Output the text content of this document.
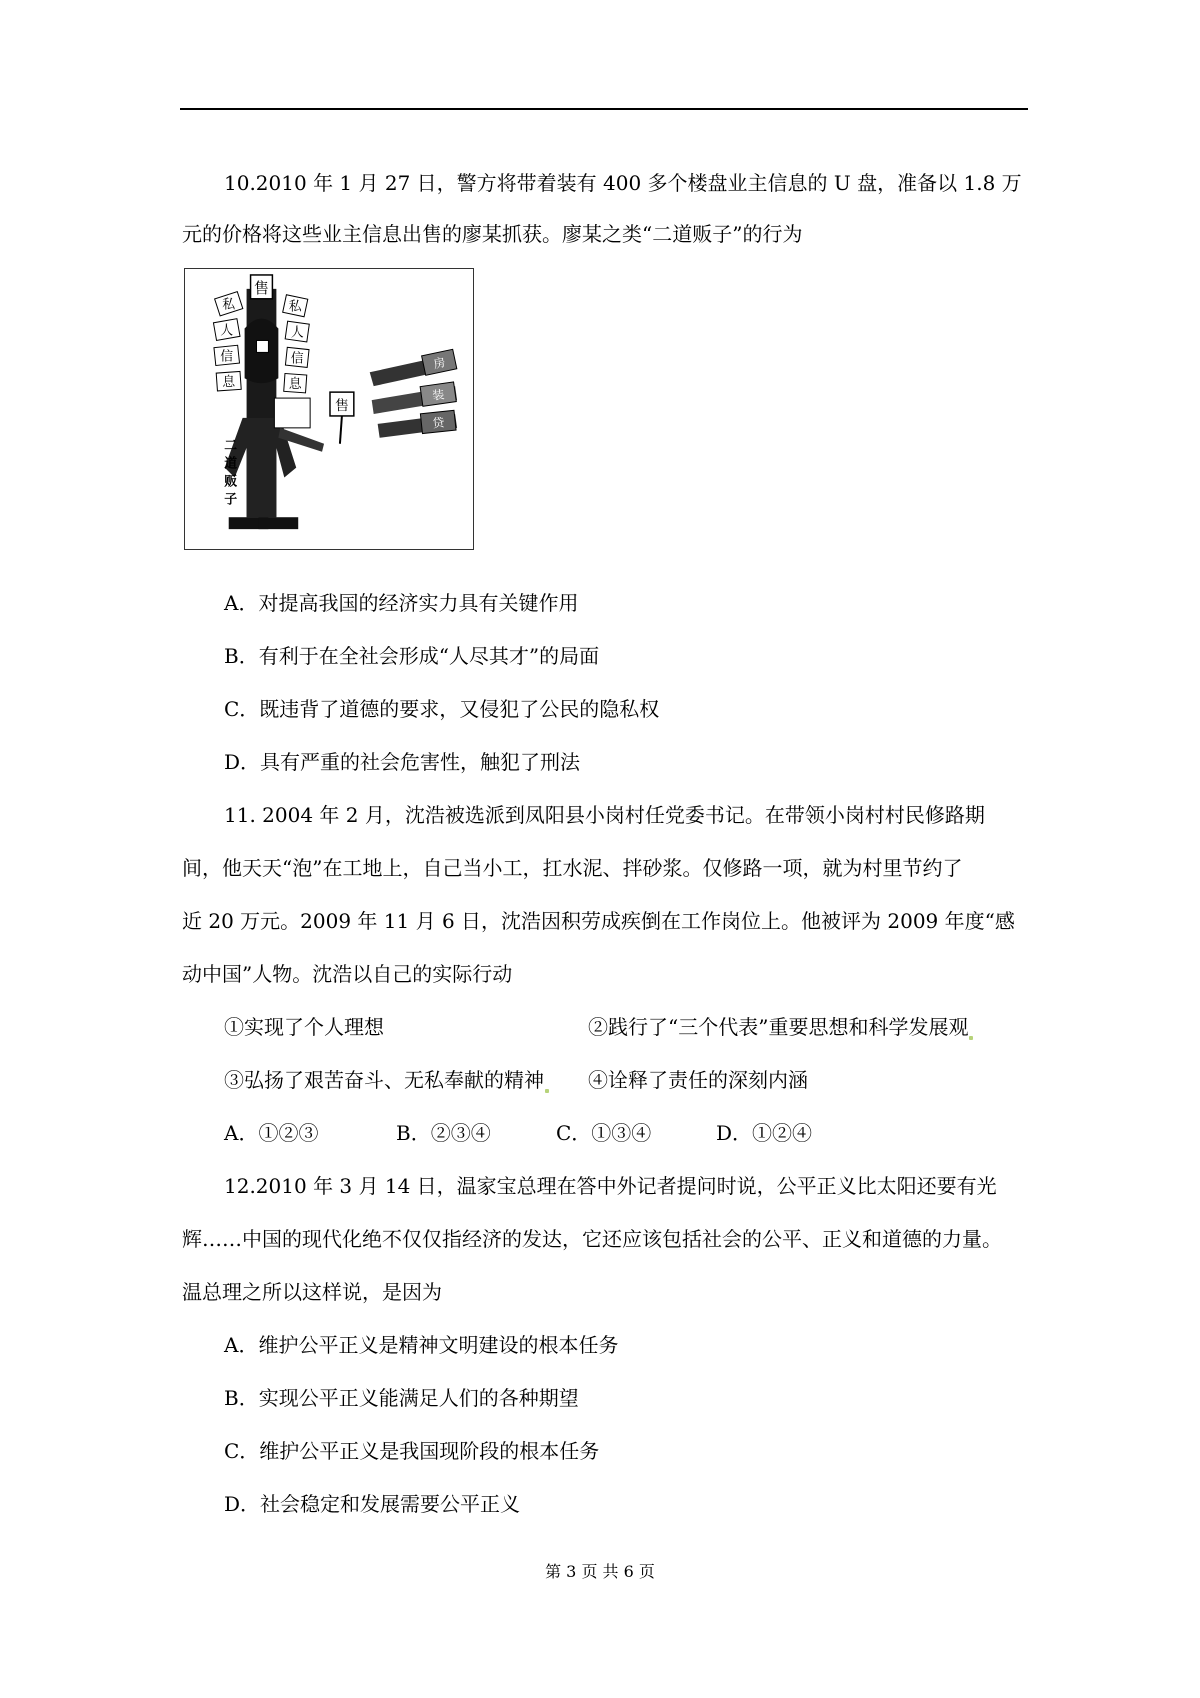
10.2010 年 1 月 27 日，警方将带着装有 400 多个楼盘业主信息的 U 盘，准备以 1.8 万
元的价格将这些业主信息出售的廖某抓获。廖某之类“二道贩子”的行为
A．对提高我国的经济实力具有关键作用
B．有利于在全社会形成“人尽其才”的局面
C．既违背了道德的要求，又侵犯了公民的隐私权
D．具有严重的社会危害性，触犯了刑法
11. 2004 年 2 月，沈浩被选派到凤阳县小岗村任党委书记。在带领小岗村村民修路期
间，他天天“泡”在工地上，自己当小工，扛水泥、拌砂浆。仅修路一项，就为村里节约了
近 20 万元。2009 年 11 月 6 日，沈浩因积劳成疾倒在工作岗位上。他被评为 2009 年度“感
动中国”人物。沈浩以自己的实际行动
①实现了个人理想	②践行了“三个代表”重要思想和科学发展观
③弘扬了艰苦奋斗、无私奉献的精神 ④诠释了责任的深刻内涵
A．①②③	B．②③④	C．①③④	D．①②④
12.2010 年 3 月 14 日，温家宝总理在答中外记者提问时说，公平正义比太阳还要有光
辉……中国的现代化绝不仅仅指经济的发达，它还应该包括社会的公平、正义和道德的力量。
温总理之所以这样说，是因为
A．维护公平正义是精神文明建设的根本任务
B．实现公平正义能满足人们的各种期望
C．维护公平正义是我国现阶段的根本任务
D．社会稳定和发展需要公平正义
售
私
人
信
息
私
人
信
息
售
二
道
贩
子
房
装
贷
第 3 页 共 6 页
